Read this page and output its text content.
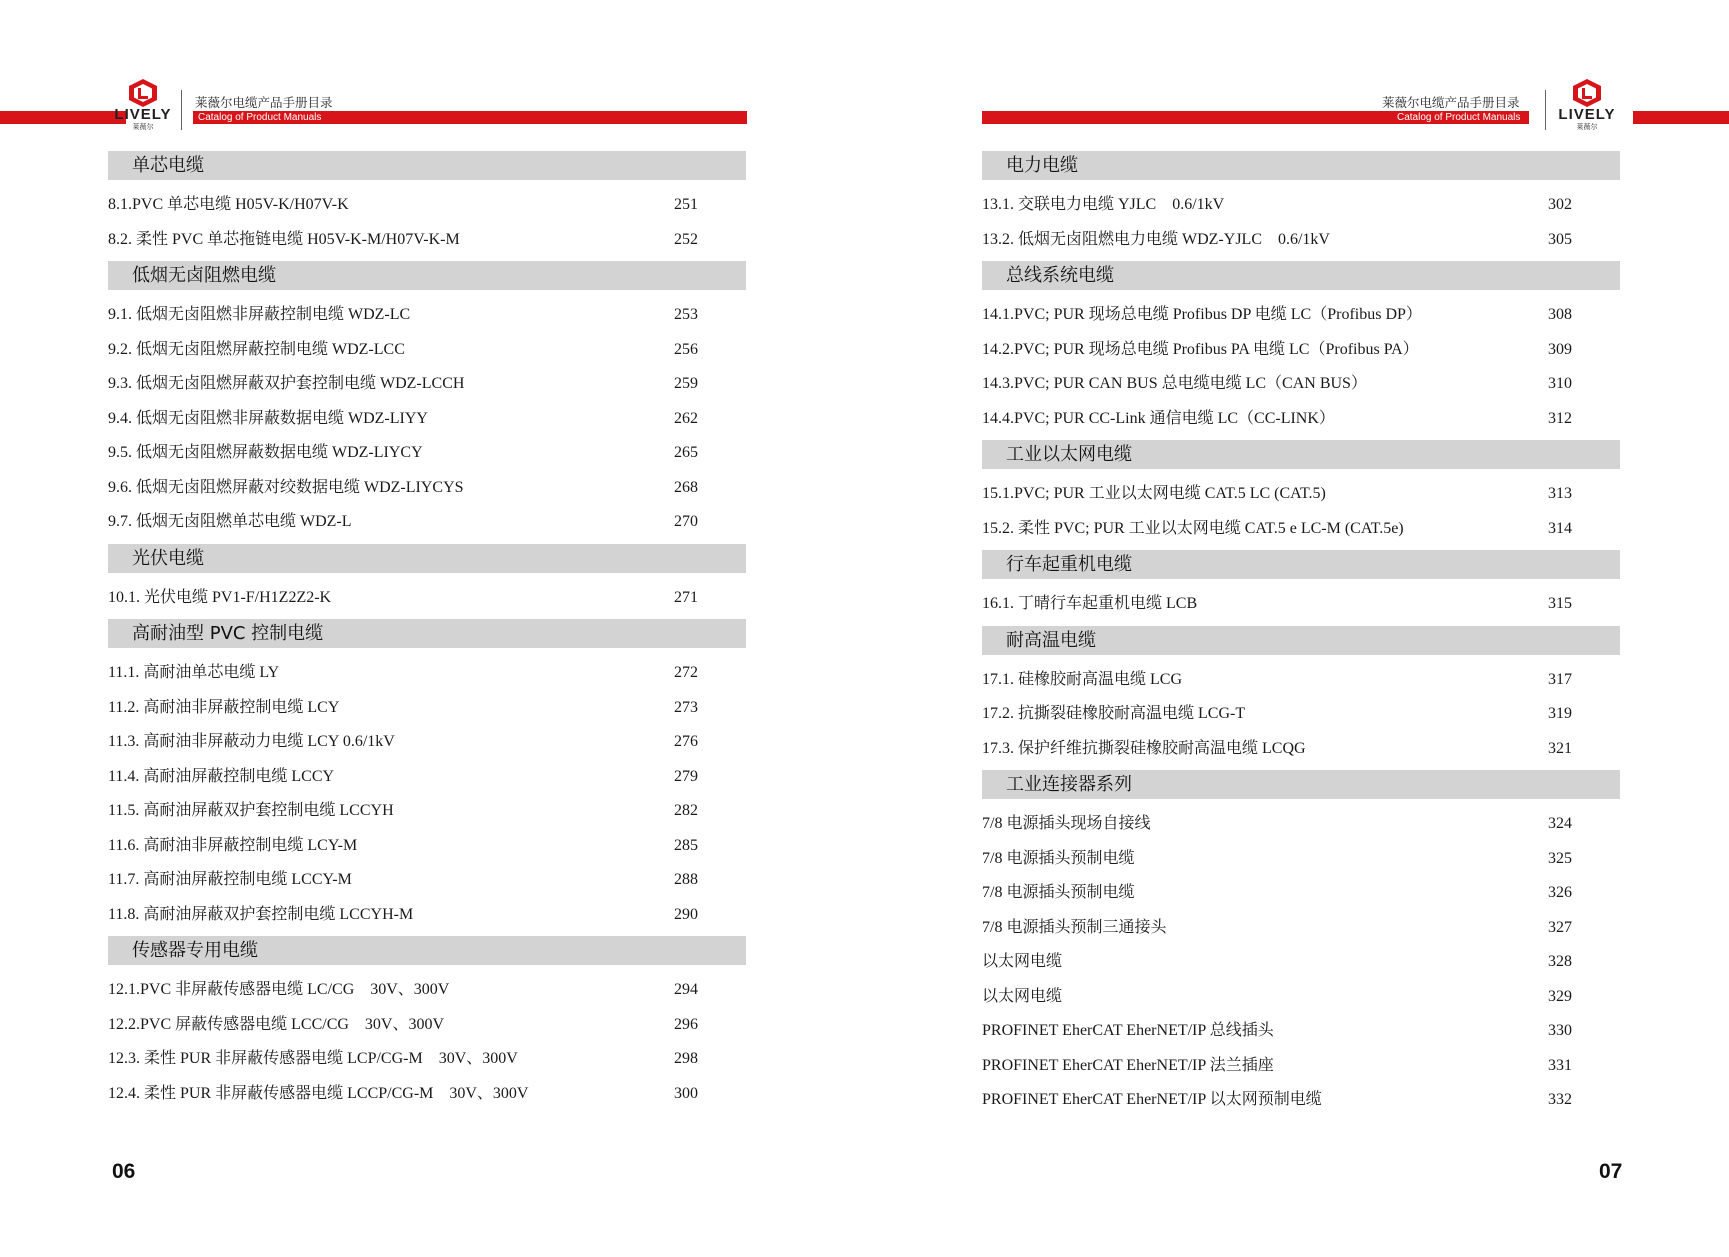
LIVELY
莱薇尔
莱薇尔电缆产品手册目录
Catalog of Product Manuals
单芯电缆
8.1.PVC 单芯电缆 H05V-K/H07V-K	251
8.2. 柔性 PVC 单芯拖链电缆 H05V-K-M/H07V-K-M	252
低烟无卤阻燃电缆
9.1. 低烟无卤阻燃非屏蔽控制电缆 WDZ-LC	253
9.2. 低烟无卤阻燃屏蔽控制电缆 WDZ-LCC	256
9.3. 低烟无卤阻燃屏蔽双护套控制电缆 WDZ-LCCH	259
9.4. 低烟无卤阻燃非屏蔽数据电缆 WDZ-LIYY	262
9.5. 低烟无卤阻燃屏蔽数据电缆 WDZ-LIYCY	265
9.6. 低烟无卤阻燃屏蔽对绞数据电缆 WDZ-LIYCYS	268
9.7. 低烟无卤阻燃单芯电缆 WDZ-L	270
光伏电缆
10.1. 光伏电缆 PV1-F/H1Z2Z2-K	271
高耐油型 PVC 控制电缆
11.1. 高耐油单芯电缆 LY	272
11.2. 高耐油非屏蔽控制电缆 LCY	273
11.3. 高耐油非屏蔽动力电缆 LCY 0.6/1kV	276
11.4. 高耐油屏蔽控制电缆 LCCY	279
11.5. 高耐油屏蔽双护套控制电缆 LCCYH	282
11.6. 高耐油非屏蔽控制电缆 LCY-M	285
11.7. 高耐油屏蔽控制电缆 LCCY-M	288
11.8. 高耐油屏蔽双护套控制电缆 LCCYH-M	290
传感器专用电缆
12.1.PVC 非屏蔽传感器电缆 LC/CG　30V、300V	294
12.2.PVC 屏蔽传感器电缆 LCC/CG　30V、300V	296
12.3. 柔性 PUR 非屏蔽传感器电缆 LCP/CG-M　30V、300V	298
12.4. 柔性 PUR 非屏蔽传感器电缆 LCCP/CG-M　30V、300V	300
06
莱薇尔电缆产品手册目录
Catalog of Product Manuals	LIVELY
莱薇尔
电力电缆
13.1. 交联电力电缆 YJLC　0.6/1kV	302
13.2. 低烟无卤阻燃电力电缆 WDZ-YJLC　0.6/1kV	305
总线系统电缆
14.1.PVC; PUR 现场总电缆 Profibus DP 电缆 LC（Profibus DP）	308
14.2.PVC; PUR 现场总电缆 Profibus PA 电缆 LC（Profibus PA）	309
14.3.PVC; PUR CAN BUS 总电缆电缆 LC（CAN BUS）	310
14.4.PVC; PUR CC-Link 通信电缆 LC（CC-LINK）	312
工业以太网电缆
15.1.PVC; PUR 工业以太网电缆 CAT.5 LC (CAT.5)	313
15.2. 柔性 PVC; PUR 工业以太网电缆 CAT.5 e LC-M (CAT.5e)	314
行车起重机电缆
16.1. 丁晴行车起重机电缆 LCB	315
耐高温电缆
17.1. 硅橡胶耐高温电缆 LCG	317
17.2. 抗撕裂硅橡胶耐高温电缆 LCG-T	319
17.3. 保护纤维抗撕裂硅橡胶耐高温电缆 LCQG	321
工业连接器系列
7/8 电源插头现场自接线	324
7/8 电源插头预制电缆	325
7/8 电源插头预制电缆	326
7/8 电源插头预制三通接头	327
以太网电缆	328
以太网电缆	329
PROFINET EherCAT EherNET/IP 总线插头	330
PROFINET EherCAT EherNET/IP 法兰插座	331
PROFINET EherCAT EherNET/IP 以太网预制电缆	332
07
